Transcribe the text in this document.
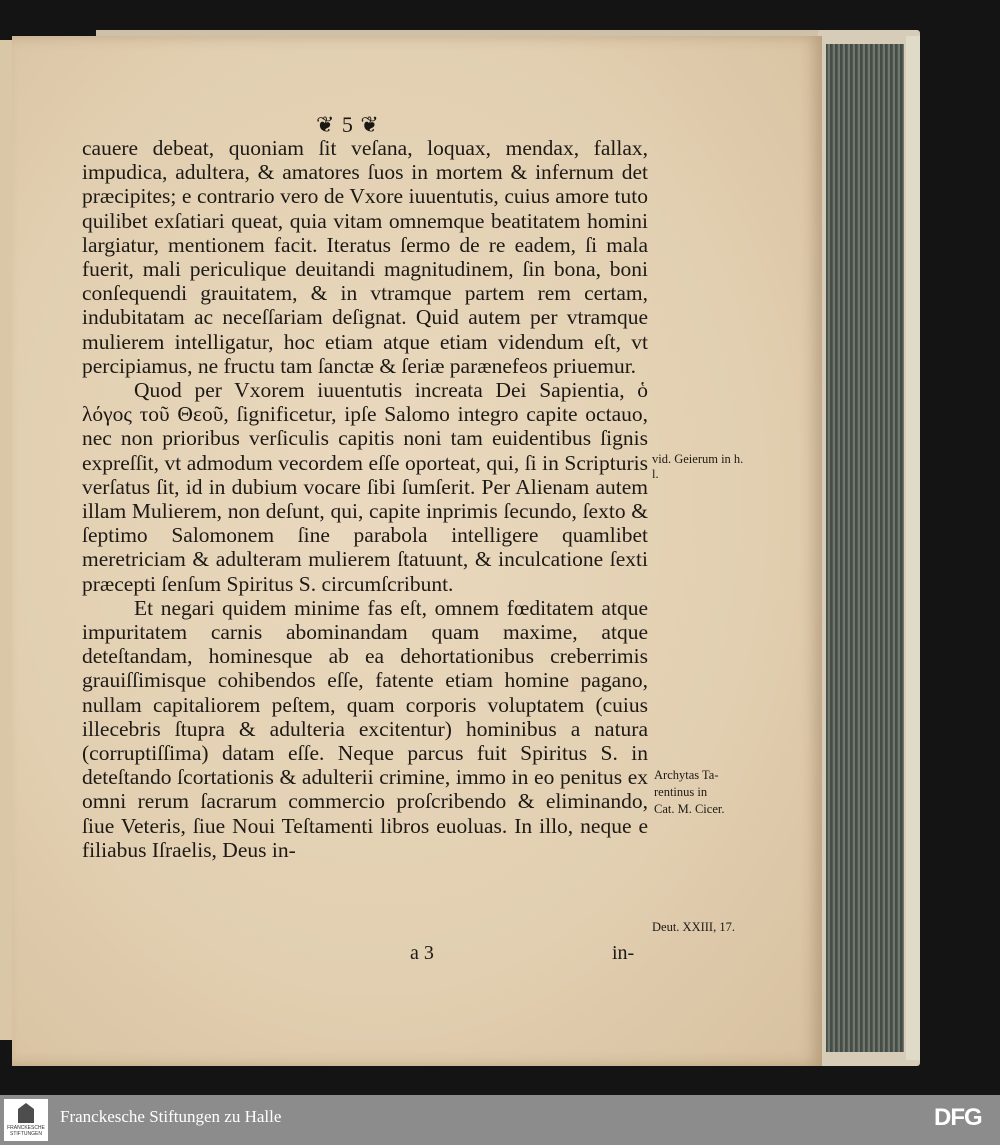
❦ 5 ❦

cauere debeat, quoniam ſit veſana, loquax, mendax, fallax, impudica, adultera, & amatores ſuos in mortem & infernum det præcipites; e contrario vero de Vxore iuuentutis, cuius amore tuto quilibet exſatiari queat, quia vitam omnemque beatitatem homini largiatur, mentionem facit. Iteratus ſermo de re eadem, ſi mala fuerit, mali periculique deuitandi magnitudinem, ſin bona, boni conſequendi grauitatem, & in vtramque partem rem certam, indubitatam ac neceſſariam deſignat. Quid autem per vtramque mulierem intelligatur, hoc etiam atque etiam videndum eſt, vt percipiamus, ne fructu tam ſanctæ & ſeriæ parænefeos priuemur.

Quod per Vxorem iuuentutis increata Dei Sapientia, ὁ λόγος τοῦ Θεοῦ, ſignificetur, ipſe Salomo integro capite octauo, nec non prioribus verſiculis capitis noni tam euidentibus ſignis expreſſit, vt admodum vecordem eſſe oporteat, qui, ſi in Scripturis verſatus ſit, id in dubium vocare ſibi ſumſerit. Per Alienam autem illam Mulierem, non deſunt, qui, capite inprimis ſecundo, ſexto & ſeptimo Salomonem ſine parabola intelligere quamlibet meretriciam & adulteram mulierem ſtatuunt, & inculcatione ſexti præcepti ſenſum Spiritus S. circumſcribunt.

Et negari quidem minime fas eſt, omnem fœditatem atque impuritatem carnis abominandam quam maxime, atque deteſtandam, hominesque ab ea dehortationibus creberrimis grauiſſimisque cohibendos eſſe, fatente etiam homine pagano, nullam capitaliorem peſtem, quam corporis voluptatem (cuius illecebris ſtupra & adulteria excitentur) hominibus a natura (corruptiſſima) datam eſſe. Neque parcus fuit Spiritus S. in deteſtando ſcortationis & adulterii crimine, immo in eo penitus ex omni rerum ſacrarum commercio proſcribendo & eliminando, ſiue Veteris, ſiue Noui Teſtamenti libros euoluas. In illo, neque e filiabus Iſraelis, Deus in-

vid. Geierum in h. l.
Archytas Ta-
rentinus in
Cat. M. Cicer.
Deut. XXIII, 17.
a 3	in-
FRANCKESCHE
STIFTUNGEN
Franckesche Stiftungen zu Halle	DFG
